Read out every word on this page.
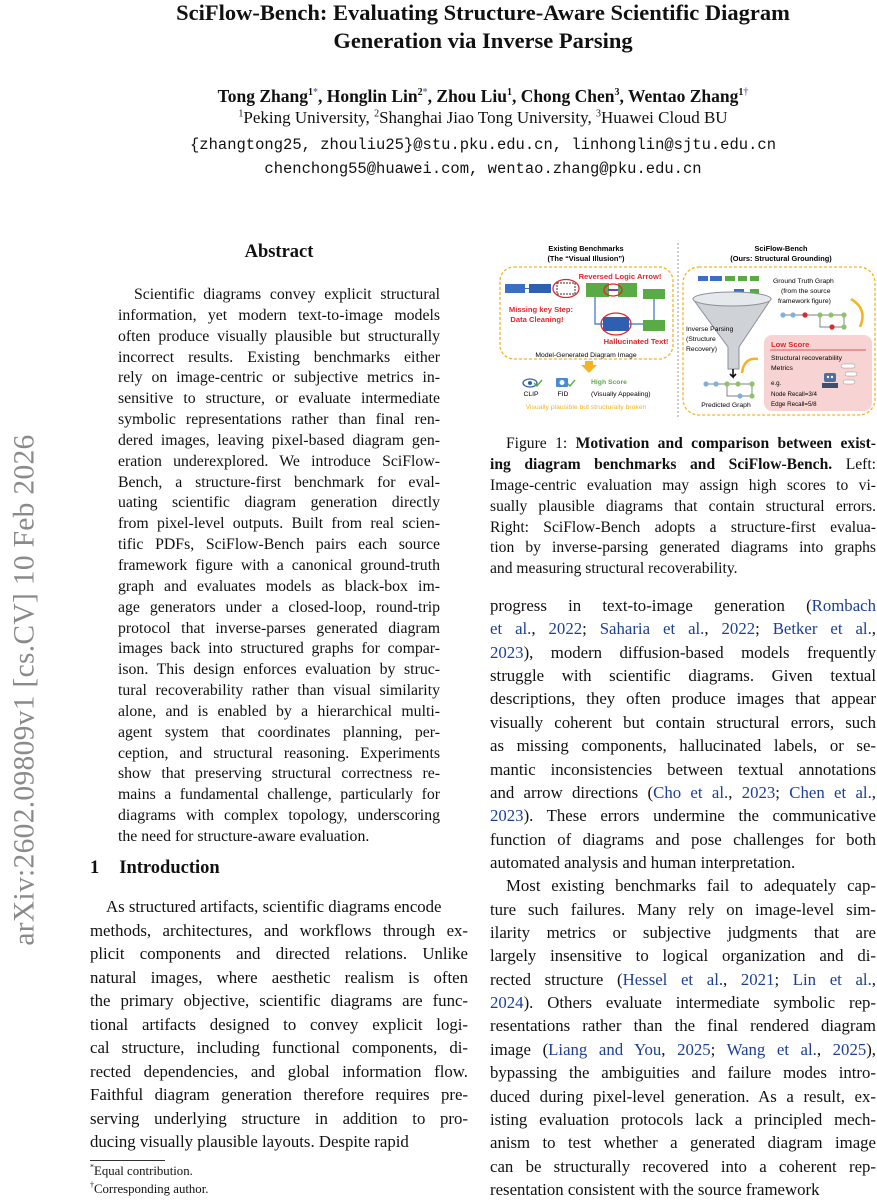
arXiv:2602.09809v1 [cs.CV] 10 Feb 2026
SciFlow-Bench: Evaluating Structure-Aware Scientific Diagram
Generation via Inverse Parsing
Tong Zhang$^{1*}$, Honglin Lin$^{2*}$, Zhou Liu$^1$, Chong Chen$^3$, Wentao Zhang$^{1\dagger}$
$^1$Peking University, $^2$Shanghai Jiao Tong University, $^3$Huawei Cloud BU
{zhangtong25, zhouliu25}@stu.pku.edu.cn, linhonglin@sjtu.edu.cn
chenchong55@huawei.com, wentao.zhang@pku.edu.cn
Abstract
Scientific diagrams convey explicit structural
information, yet modern text-to-image models
often produce visually plausible but structurally
incorrect results. Existing benchmarks either
rely on image-centric or subjective metrics in-
sensitive to structure, or evaluate intermediate
symbolic representations rather than final ren-
dered images, leaving pixel-based diagram gen-
eration underexplored. We introduce SciFlow-
Bench, a structure-first benchmark for eval-
uating scientific diagram generation directly
from pixel-level outputs. Built from real scien-
tific PDFs, SciFlow-Bench pairs each source
framework figure with a canonical ground-truth
graph and evaluates models as black-box im-
age generators under a closed-loop, round-trip
protocol that inverse-parses generated diagram
images back into structured graphs for compar-
ison. This design enforces evaluation by struc-
tural recoverability rather than visual similarity
alone, and is enabled by a hierarchical multi-
agent system that coordinates planning, per-
ception, and structural reasoning. Experiments
show that preserving structural correctness re-
mains a fundamental challenge, particularly for
diagrams with complex topology, underscoring
the need for structure-aware evaluation.
1 Introduction
As structured artifacts, scientific diagrams encode
methods, architectures, and workflows through ex-
plicit components and directed relations. Unlike
natural images, where aesthetic realism is often
the primary objective, scientific diagrams are func-
tional artifacts designed to convey explicit logi-
cal structure, including functional components, di-
rected dependencies, and global information flow.
Faithful diagram generation therefore requires pre-
serving underlying structure in addition to pro-
ducing visually plausible layouts. Despite rapid
Existing Benchmarks
(The “Visual Illusion”)
SciFlow-Bench
(Ours: Structural Grounding)
Reversed Logic Arrow!
Missing key Step:
Data Cleaning!
Hallucinated Text!
Model-Generated Diagram Image
CLIP	FID
High Score
(Visually Appealing)
Visually plausible but structurally broken
Ground Truth Graph
(from the source
framework figure)
Inverse Parsing
(Structure
Recovery)
Low Score
Structural recoverability
Metrics
e.g.
Node Recall=3/4
Edge Recall=5/8
Predicted Graph
Figure 1: Motivation and comparison between exist-
ing diagram benchmarks and SciFlow-Bench. Left:
Image-centric evaluation may assign high scores to vi-
sually plausible diagrams that contain structural errors.
Right: SciFlow-Bench adopts a structure-first evalua-
tion by inverse-parsing generated diagrams into graphs
and measuring structural recoverability.
progress in text-to-image generation (Rombach
et al., 2022; Saharia et al., 2022; Betker et al.,
2023), modern diffusion-based models frequently
struggle with scientific diagrams. Given textual
descriptions, they often produce images that appear
visually coherent but contain structural errors, such
as missing components, hallucinated labels, or se-
mantic inconsistencies between textual annotations
and arrow directions (Cho et al., 2023; Chen et al.,
2023). These errors undermine the communicative
function of diagrams and pose challenges for both
automated analysis and human interpretation.
Most existing benchmarks fail to adequately cap-
ture such failures. Many rely on image-level sim-
ilarity metrics or subjective judgments that are
largely insensitive to logical organization and di-
rected structure (Hessel et al., 2021; Lin et al.,
2024). Others evaluate intermediate symbolic rep-
resentations rather than the final rendered diagram
image (Liang and You, 2025; Wang et al., 2025),
bypassing the ambiguities and failure modes intro-
duced during pixel-level generation. As a result, ex-
isting evaluation protocols lack a principled mech-
anism to test whether a generated diagram image
can be structurally recovered into a coherent rep-
resentation consistent with the source framework
*Equal contribution.
†Corresponding author.
